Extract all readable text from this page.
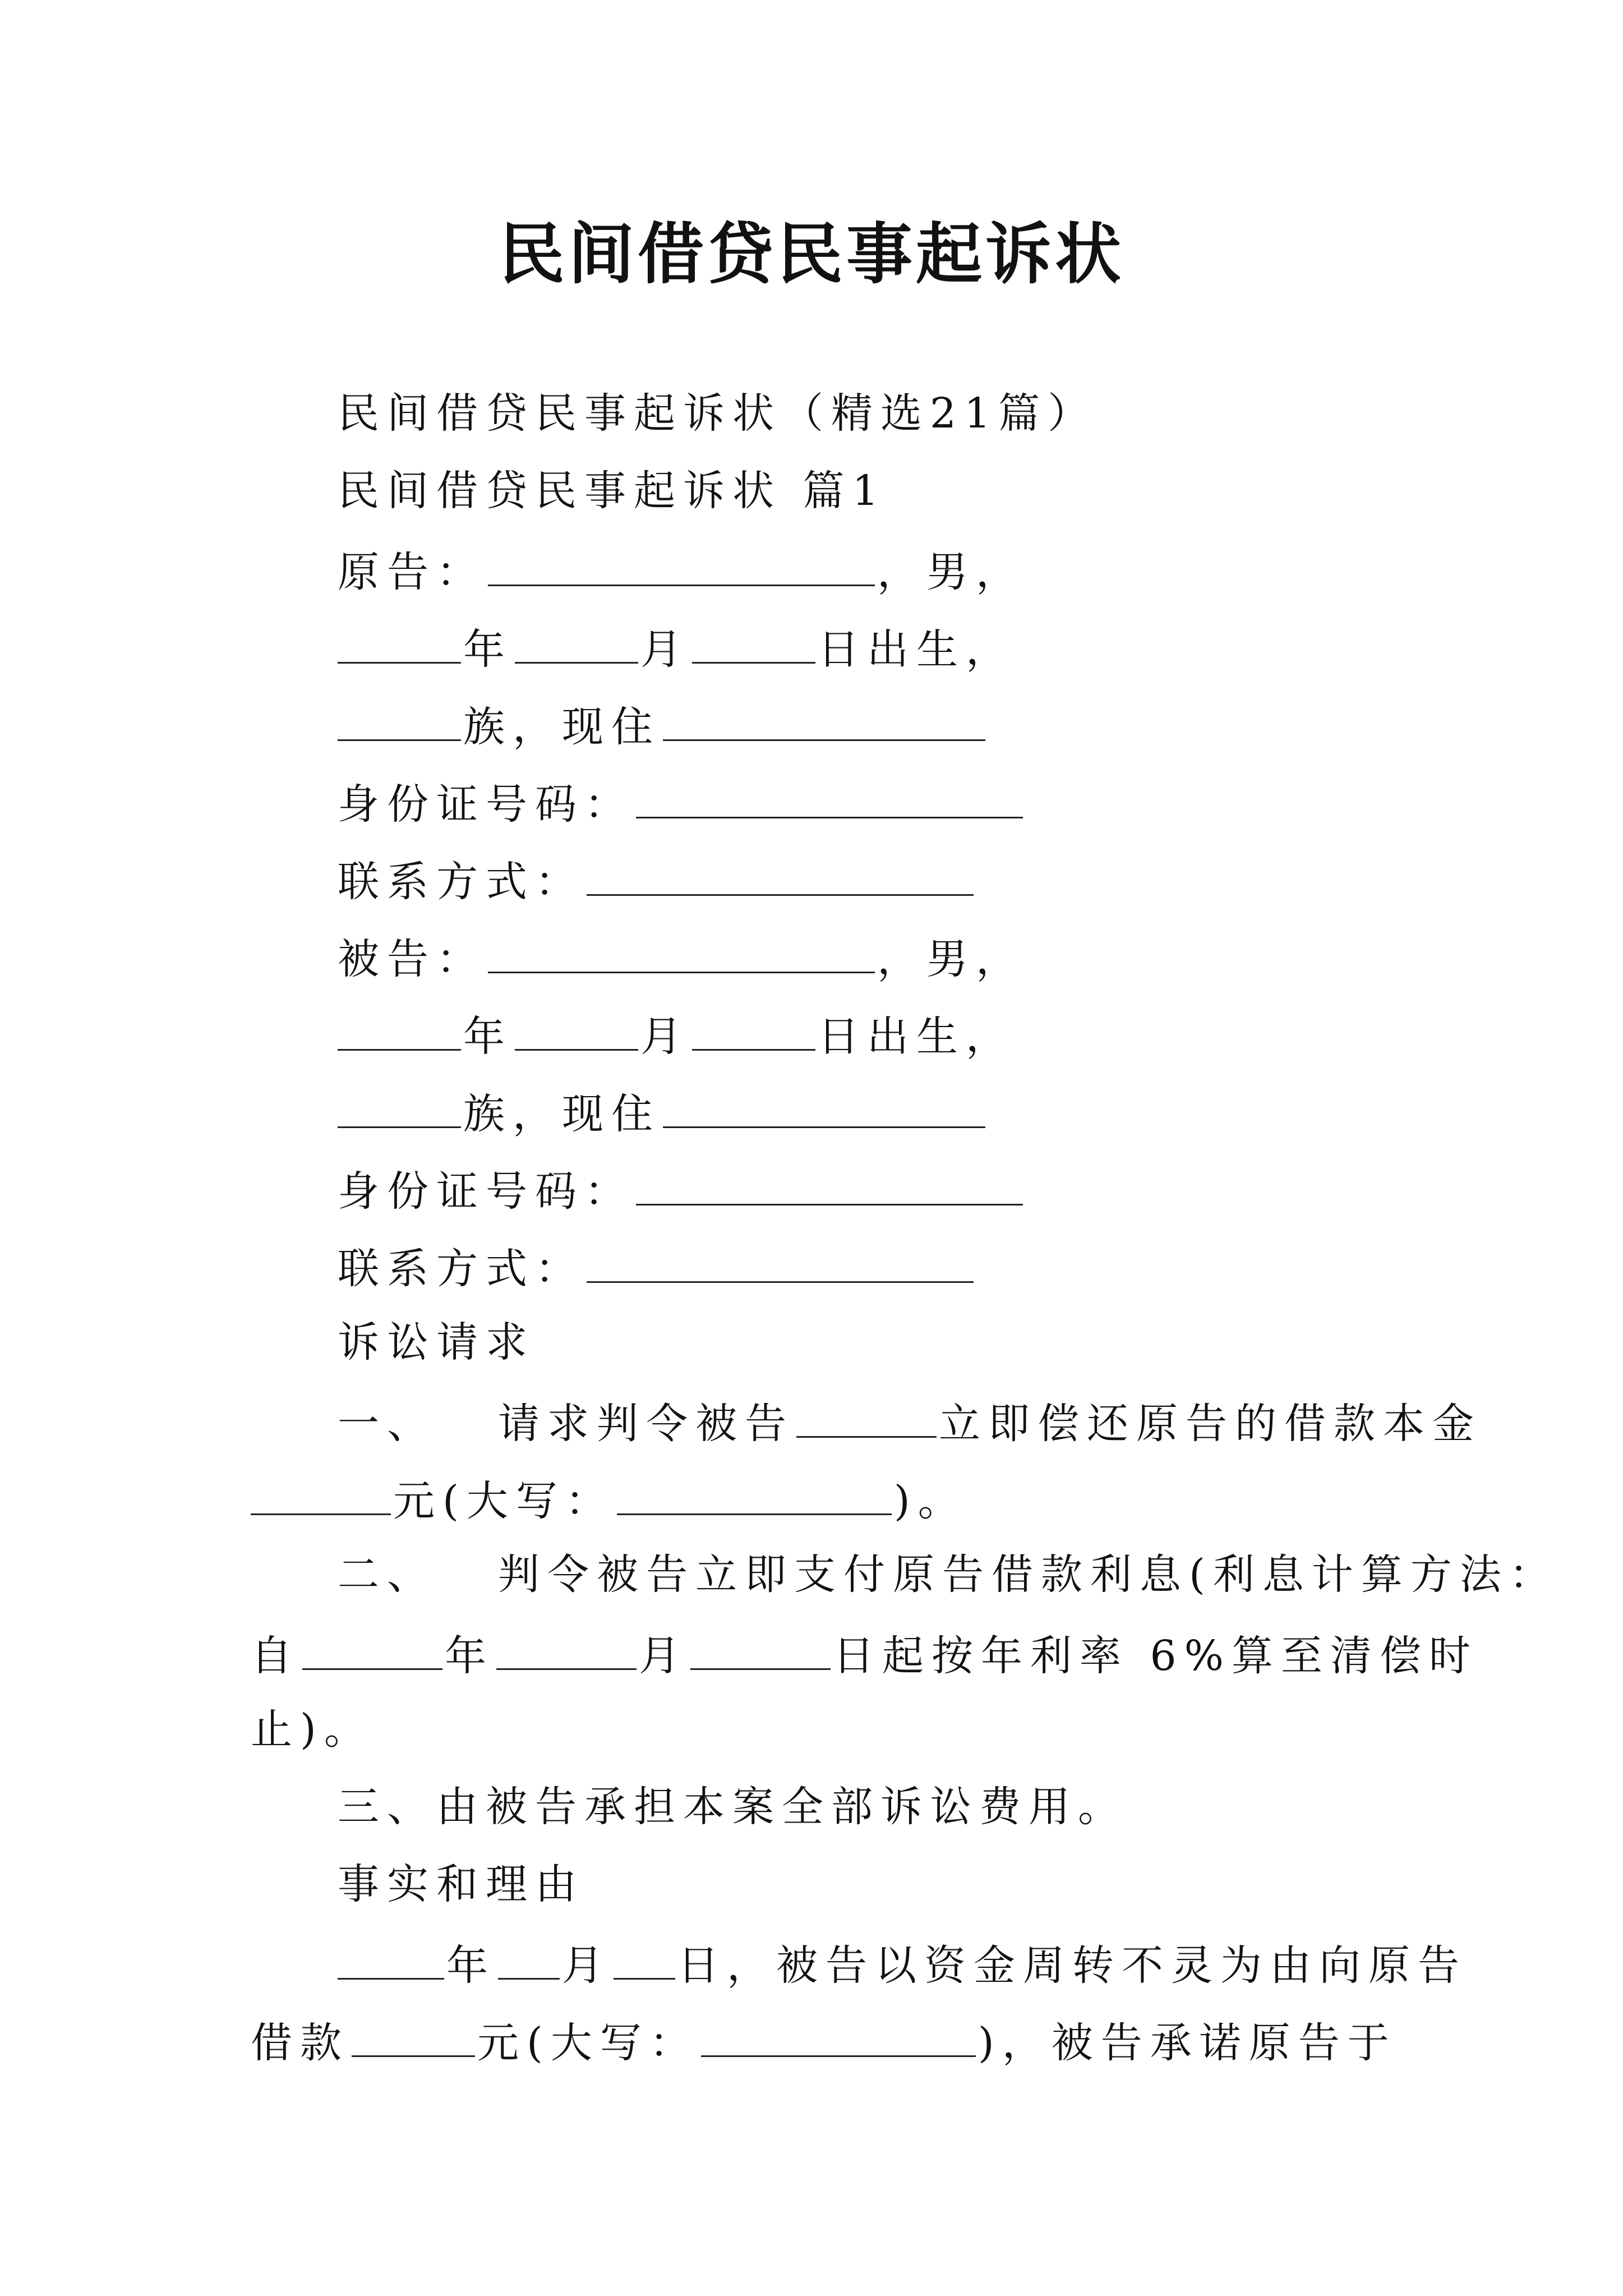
民间借贷民事起诉状
民间借贷民事起诉状（精选21篇）
民间借贷民事起诉状 篇1
原告：	，男，
年	月	日出生，
族，现住
身份证号码：
联系方式：
被告：	，男，
年	月	日出生，
族，现住
身份证号码：
联系方式：
诉讼请求
一、 请求判令被告	立即偿还原告的借款本金
元(大写：	)。
二、 判令被告立即支付原告借款利息(利息计算方法：
自	年	月	日起按年利率 6%算至清偿时
止)。
三、由被告承担本案全部诉讼费用。
事实和理由
年 月 日，被告以资金周转不灵为由向原告
借款	元(大写：	)，被告承诺原告于
